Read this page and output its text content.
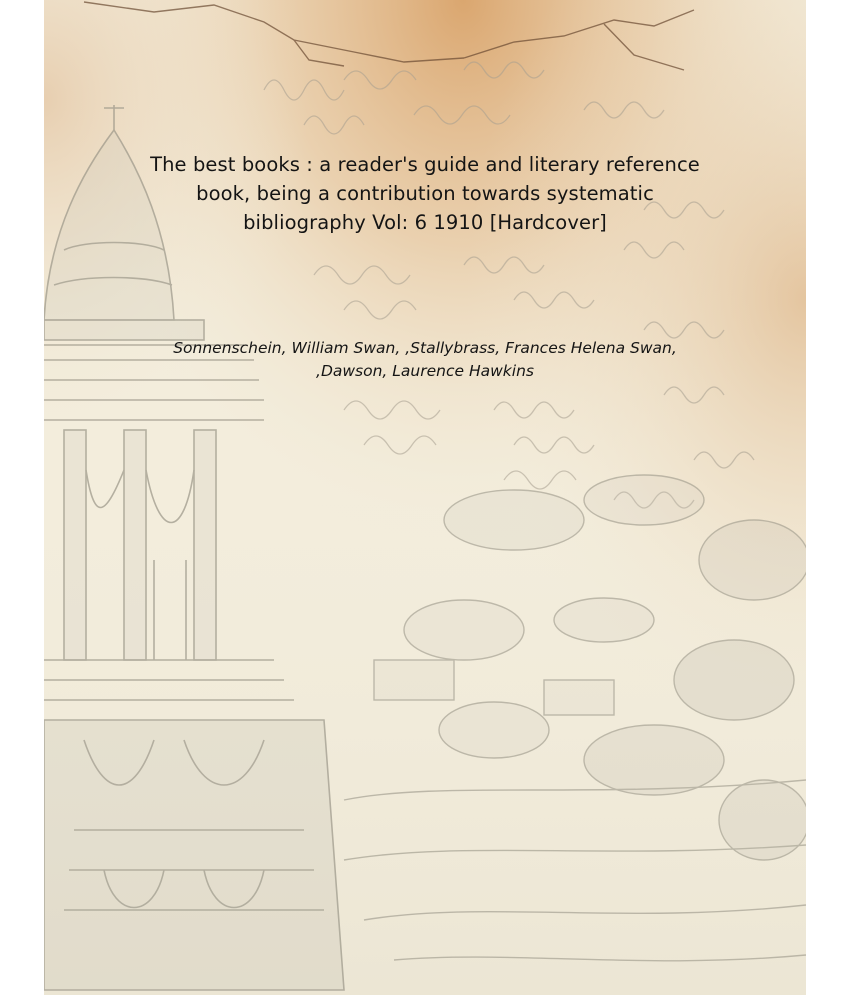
The best books : a reader's guide and literary reference
book, being a contribution towards systematic
bibliography Vol: 6 1910 [Hardcover]
Sonnenschein, William Swan, ,Stallybrass, Frances Helena Swan,
,Dawson, Laurence Hawkins
